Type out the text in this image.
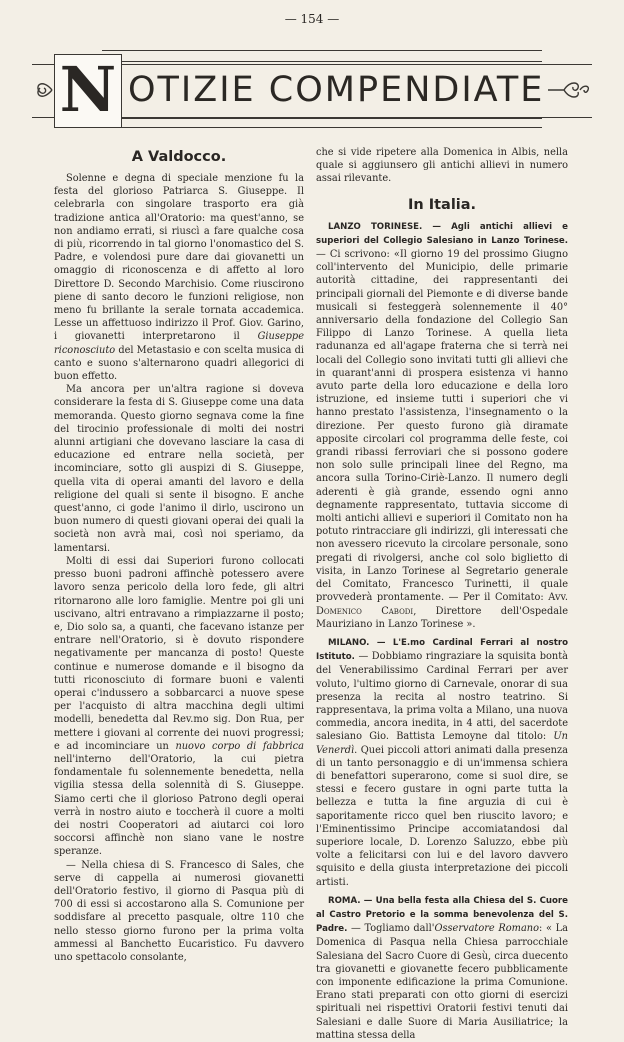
— 154 —
N OTIZIE COMPENDIATE
A Valdocco.

Solenne e degna di speciale menzione fu la festa del glorioso Patriarca S. Giuseppe. Il celebrarla con singolare trasporto era già tradizione antica all'Oratorio: ma quest'anno, se non andiamo errati, si riuscì a fare qualche cosa di più, ricorrendo in tal giorno l'onomastico del S. Padre, e volendosi pure dare dai giovanetti un omaggio di riconoscenza e di affetto al loro Direttore D. Secondo Marchisio. Come riuscirono piene di santo decoro le funzioni religiose, non meno fu brillante la serale tornata accademica. Lesse un affettuoso indirizzo il Prof. Giov. Garino, i giovanetti interpretarono il Giuseppe riconosciuto del Metastasio e con scelta musica di canto e suono s'alternarono quadri allegorici di buon effetto.

Ma ancora per un'altra ragione si doveva considerare la festa di S. Giuseppe come una data memoranda. Questo giorno segnava come la fine del tirocinio professionale di molti dei nostri alunni artigiani che dovevano lasciare la casa di educazione ed entrare nella società, per incominciare, sotto gli auspizi di S. Giuseppe, quella vita di operai amanti del lavoro e della religione del quali si sente il bisogno. E anche quest'anno, ci gode l'animo il dirlo, uscirono un buon numero di questi giovani operai dei quali la società non avrà mai, così noi speriamo, da lamentarsi.

Molti di essi dai Superiori furono collocati presso buoni padroni affinchè potessero avere lavoro senza pericolo della loro fede, gli altri ritornarono alle loro famiglie. Mentre poi gli uni uscivano, altri entravano a rimpiazzarne il posto; e, Dio solo sa, a quanti, che facevano istanze per entrare nell'Oratorio, si è dovuto rispondere negativamente per mancanza di posto! Queste continue e numerose domande e il bisogno da tutti riconosciuto di formare buoni e valenti operai c'indussero a sobbarcarci a nuove spese per l'acquisto di altra macchina degli ultimi modelli, benedetta dal Rev.mo sig. Don Rua, per mettere i giovani al corrente dei nuovi progressi; e ad incominciare un nuovo corpo di fabbrica nell'interno dell'Oratorio, la cui pietra fondamentale fu solennemente benedetta, nella vigilia stessa della solennità di S. Giuseppe. Siamo certi che il glorioso Patrono degli operai verrà in nostro aiuto e toccherà il cuore a molti dei nostri Cooperatori ad aiutarci coi loro soccorsi affinchè non siano vane le nostre speranze.

— Nella chiesa di S. Francesco di Sales, che serve di cappella ai numerosi giovanetti dell'Oratorio festivo, il giorno di Pasqua più di 700 di essi si accostarono alla S. Comunione per soddisfare al precetto pasquale, oltre 110 che nello stesso giorno furono per la prima volta ammessi al Banchetto Eucaristico. Fu davvero uno spettacolo consolante,

che si vide ripetere alla Domenica in Albis, nella quale si aggiunsero gli antichi allievi in numero assai rilevante.

In Italia.

LANZO TORINESE. — Agli antichi allievi e superiori del Collegio Salesiano in Lanzo Torinese. — Ci scrivono: «Il giorno 19 del prossimo Giugno coll'intervento del Municipio, delle primarie autorità cittadine, dei rappresentanti dei principali giornali del Piemonte e di diverse bande musicali si festeggerà solennemente il 40° anniversario della fondazione del Collegio San Filippo di Lanzo Torinese. A quella lieta radunanza ed all'agape fraterna che si terrà nei locali del Collegio sono invitati tutti gli allievi che in quarant'anni di prospera esistenza vi hanno avuto parte della loro educazione e della loro istruzione, ed insieme tutti i superiori che vi hanno prestato l'assistenza, l'insegnamento o la direzione. Per questo furono già diramate apposite circolari col programma delle feste, coi grandi ribassi ferroviari che si possono godere non solo sulle principali linee del Regno, ma ancora sulla Torino-Ciriè-Lanzo. Il numero degli aderenti è già grande, essendo ogni anno degnamente rappresentato, tuttavia siccome di molti antichi allievi e superiori il Comitato non ha potuto rintracciare gli indirizzi, gli interessati che non avessero ricevuto la circolare personale, sono pregati di rivolgersi, anche col solo biglietto di visita, in Lanzo Torinese al Segretario generale del Comitato, Francesco Turinetti, il quale provvederà prontamente. — Per il Comitato: Avv. Domenico Cabodi, Direttore dell'Ospedale Mauriziano in Lanzo Torinese ».

MILANO. — L'E.mo Cardinal Ferrari al nostro Istituto. — Dobbiamo ringraziare la squisita bontà del Venerabilissimo Cardinal Ferrari per aver voluto, l'ultimo giorno di Carnevale, onorar di sua presenza la recita al nostro teatrino. Si rappresentava, la prima volta a Milano, una nuova commedia, ancora inedita, in 4 atti, del sacerdote salesiano Gio. Battista Lemoyne dal titolo: Un Venerdì. Quei piccoli attori animati dalla presenza di un tanto personaggio e di un'immensa schiera di benefattori superarono, come si suol dire, se stessi e fecero gustare in ogni parte tutta la bellezza e tutta la fine arguzia di cui è saporitamente ricco quel ben riuscito lavoro; e l'Eminentissimo Principe accomiatandosi dal superiore locale, D. Lorenzo Saluzzo, ebbe più volte a felicitarsi con lui e del lavoro davvero squisito e della giusta interpretazione dei piccoli artisti.

ROMA. — Una bella festa alla Chiesa del S. Cuore al Castro Pretorio e la somma benevolenza del S. Padre. — Togliamo dall'Osservatore Romano: « La Domenica di Pasqua nella Chiesa parrocchiale Salesiana del Sacro Cuore di Gesù, circa duecento tra giovanetti e giovanette fecero pubblicamente con imponente edificazione la prima Comunione. Erano stati preparati con otto giorni di esercizi spirituali nei rispettivi Oratorii festivi tenuti dai Salesiani e dalle Suore di Maria Ausiliatrice; la mattina stessa della
